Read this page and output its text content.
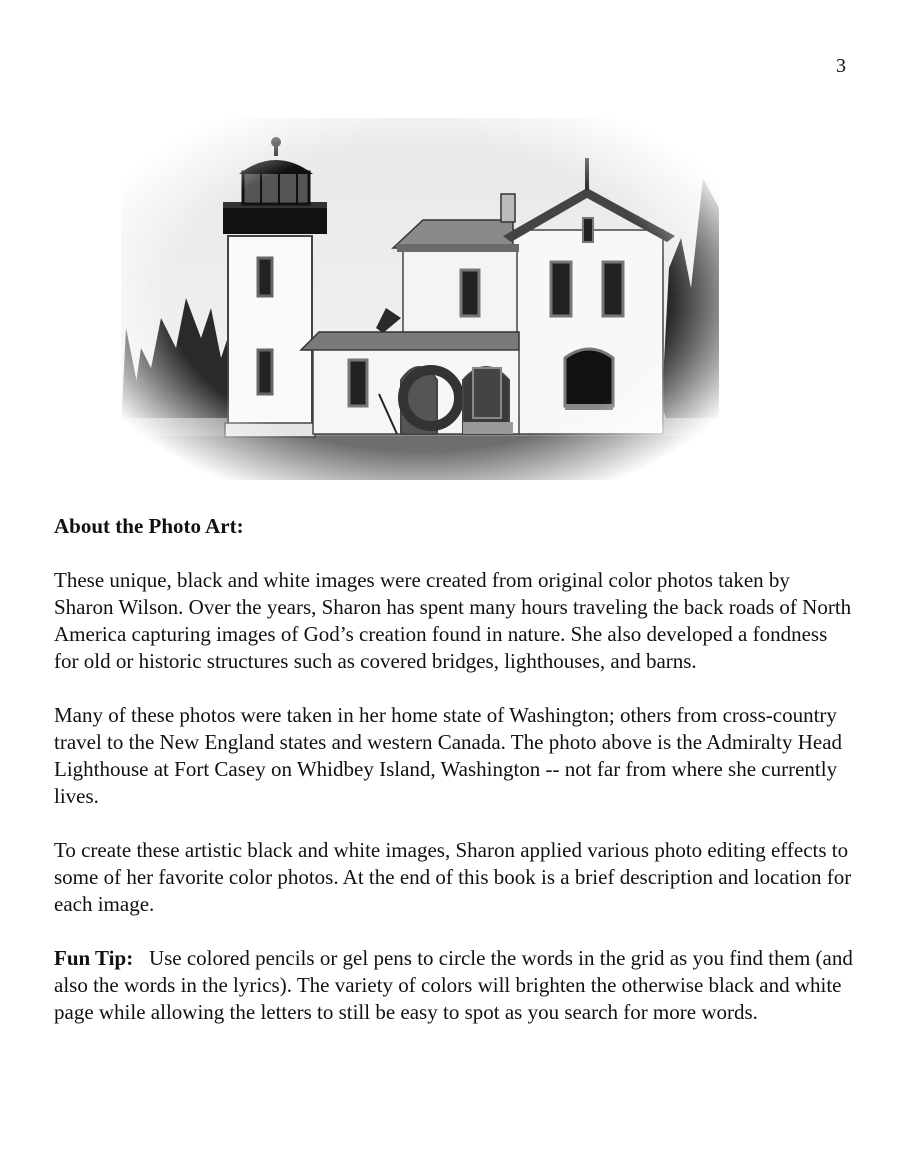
3

About the Photo Art:

These unique, black and white images were created from original color photos taken by Sharon Wilson. Over the years, Sharon has spent many hours traveling the back roads of North America capturing images of God’s creation found in nature. She also developed a fondness for old or historic structures such as covered bridges, lighthouses, and barns.

Many of these photos were taken in her home state of Washington; others from cross-country travel to the New England states and western Canada. The photo above is the Admiralty Head Lighthouse at Fort Casey on Whidbey Island, Washington -- not far from where she currently lives.

To create these artistic black and white images, Sharon applied various photo editing effects to some of her favorite color photos. At the end of this book is a brief description and location for each image.

Fun Tip: Use colored pencils or gel pens to circle the words in the grid as you find them (and also the words in the lyrics). The variety of colors will brighten the otherwise black and white page while allowing the letters to still be easy to spot as you search for more words.
